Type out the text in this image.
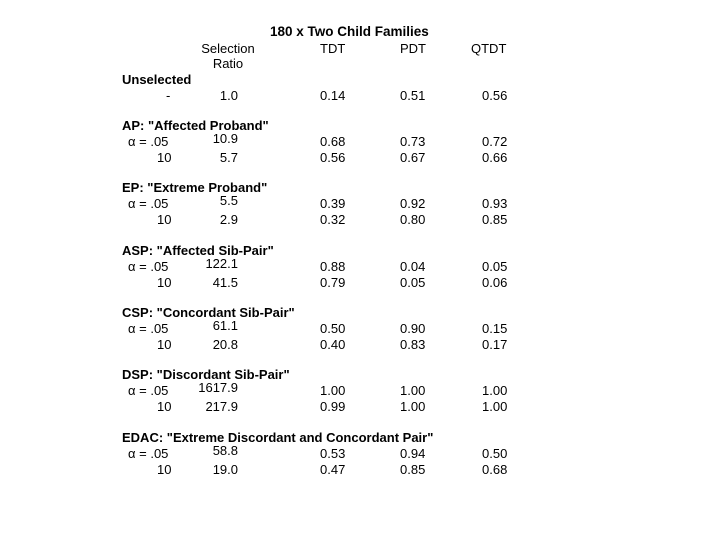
180 x Two Child Families
Selection
Ratio
TDT	PDT	QTDT
Unselected
-	1.0	0.14	0.51	0.56
AP: "Affected Proband"
α = .05	10.9	0.68	0.73	0.72
10	5.7	0.56	0.67	0.66
EP: "Extreme Proband"
α = .05	5.5	0.39	0.92	0.93
10	2.9	0.32	0.80	0.85
ASP: "Affected Sib-Pair"
α = .05	122.1	0.88	0.04	0.05
10	41.5	0.79	0.05	0.06
CSP: "Concordant Sib-Pair"
α = .05	61.1	0.50	0.90	0.15
10	20.8	0.40	0.83	0.17
DSP: "Discordant Sib-Pair"
α = .05	1617.9	1.00	1.00	1.00
10	217.9	0.99	1.00	1.00
EDAC: "Extreme Discordant and Concordant Pair"
α = .05	58.8	0.53	0.94	0.50
10	19.0	0.47	0.85	0.68
